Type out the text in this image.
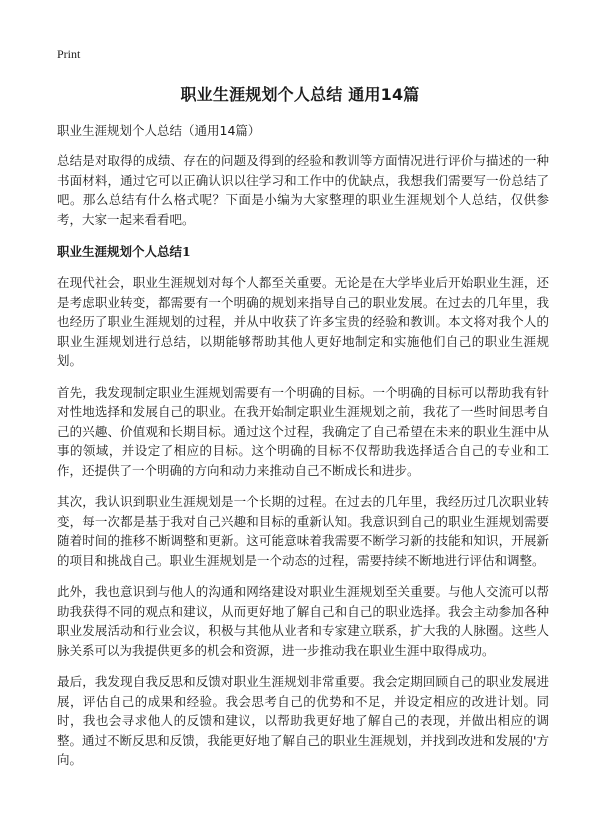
Print
职业生涯规划个人总结 通用14篇
职业生涯规划个人总结（通用14篇）

总结是对取得的成绩、存在的问题及得到的经验和教训等方面情况进行评价与描述的一种书面材料，通过它可以正确认识以往学习和工作中的优缺点，我想我们需要写一份总结了吧。那么总结有什么格式呢？下面是小编为大家整理的职业生涯规划个人总结，仅供参考，大家一起来看看吧。

职业生涯规划个人总结1

在现代社会，职业生涯规划对每个人都至关重要。无论是在大学毕业后开始职业生涯，还是考虑职业转变，都需要有一个明确的规划来指导自己的职业发展。在过去的几年里，我也经历了职业生涯规划的过程，并从中收获了许多宝贵的经验和教训。本文将对我个人的职业生涯规划进行总结，以期能够帮助其他人更好地制定和实施他们自己的职业生涯规划。

首先，我发现制定职业生涯规划需要有一个明确的目标。一个明确的目标可以帮助我有针对性地选择和发展自己的职业。在我开始制定职业生涯规划之前，我花了一些时间思考自己的兴趣、价值观和长期目标。通过这个过程，我确定了自己希望在未来的职业生涯中从事的领域，并设定了相应的目标。这个明确的目标不仅帮助我选择适合自己的专业和工作，还提供了一个明确的方向和动力来推动自己不断成长和进步。

其次，我认识到职业生涯规划是一个长期的过程。在过去的几年里，我经历过几次职业转变，每一次都是基于我对自己兴趣和目标的重新认知。我意识到自己的职业生涯规划需要随着时间的推移不断调整和更新。这可能意味着我需要不断学习新的技能和知识，开展新的项目和挑战自己。职业生涯规划是一个动态的过程，需要持续不断地进行评估和调整。

此外，我也意识到与他人的沟通和网络建设对职业生涯规划至关重要。与他人交流可以帮助我获得不同的观点和建议，从而更好地了解自己和自己的职业选择。我会主动参加各种职业发展活动和行业会议，积极与其他从业者和专家建立联系，扩大我的人脉圈。这些人脉关系可以为我提供更多的机会和资源，进一步推动我在职业生涯中取得成功。

最后，我发现自我反思和反馈对职业生涯规划非常重要。我会定期回顾自己的职业发展进展，评估自己的成果和经验。我会思考自己的优势和不足，并设定相应的改进计划。同时，我也会寻求他人的反馈和建议，以帮助我更好地了解自己的表现，并做出相应的调整。通过不断反思和反馈，我能更好地了解自己的职业生涯规划，并找到改进和发展的'方向。
